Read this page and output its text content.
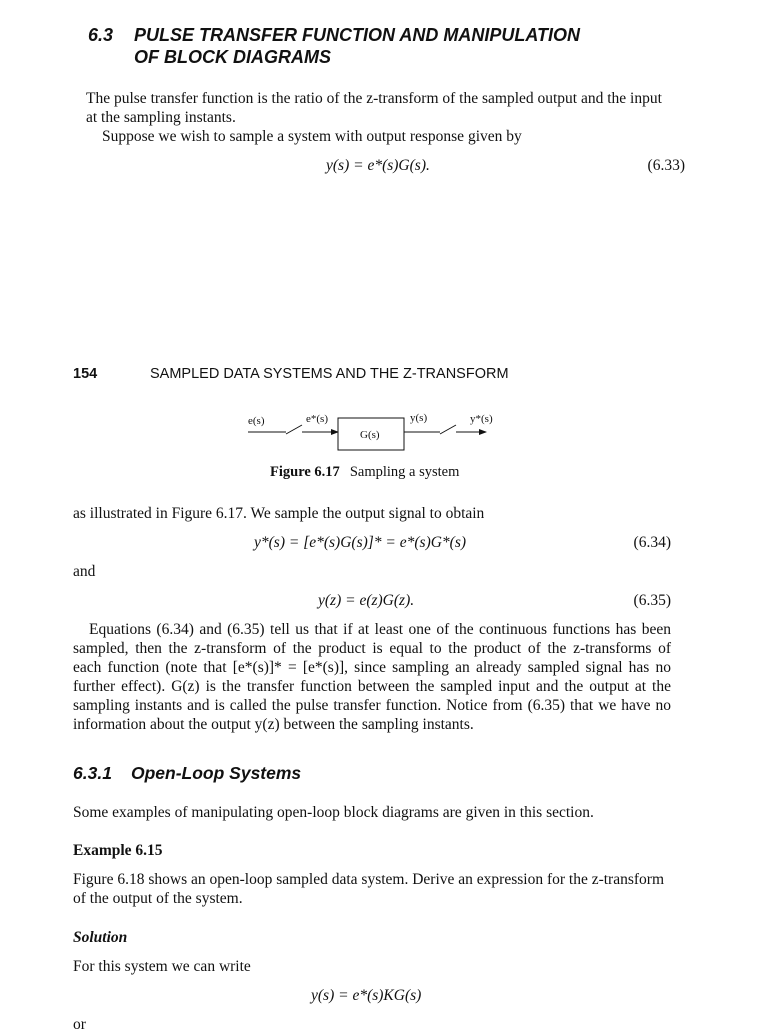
6.3 PULSE TRANSFER FUNCTION AND MANIPULATION
OF BLOCK DIAGRAMS
The pulse transfer function is the ratio of the z-transform of the sampled output and the input
at the sampling instants.
Suppose we wish to sample a system with output response given by
y(s) = e*(s)G(s).	(6.33)
154	SAMPLED DATA SYSTEMS AND THE Z-TRANSFORM
e(s)	e*(s)	y(s)	y*(s)
G(s)
Figure 6.17 Sampling a system
as illustrated in Figure 6.17. We sample the output signal to obtain
y*(s) = [e*(s)G(s)]* = e*(s)G*(s)	(6.34)
and
y(z) = e(z)G(z).	(6.35)
Equations (6.34) and (6.35) tell us that if at least one of the continuous functions has been
sampled, then the z-transform of the product is equal to the product of the z-transforms of
each function (note that [e*(s)]* = [e*(s)], since sampling an already sampled signal has no
further effect). G(z) is the transfer function between the sampled input and the output at the
sampling instants and is called the pulse transfer function. Notice from (6.35) that we have no
information about the output y(z) between the sampling instants.
6.3.1 Open-Loop Systems
Some examples of manipulating open-loop block diagrams are given in this section.
Example 6.15
Figure 6.18 shows an open-loop sampled data system. Derive an expression for the z-transform
of the output of the system.
Solution
For this system we can write
y(s) = e*(s)KG(s)
or
